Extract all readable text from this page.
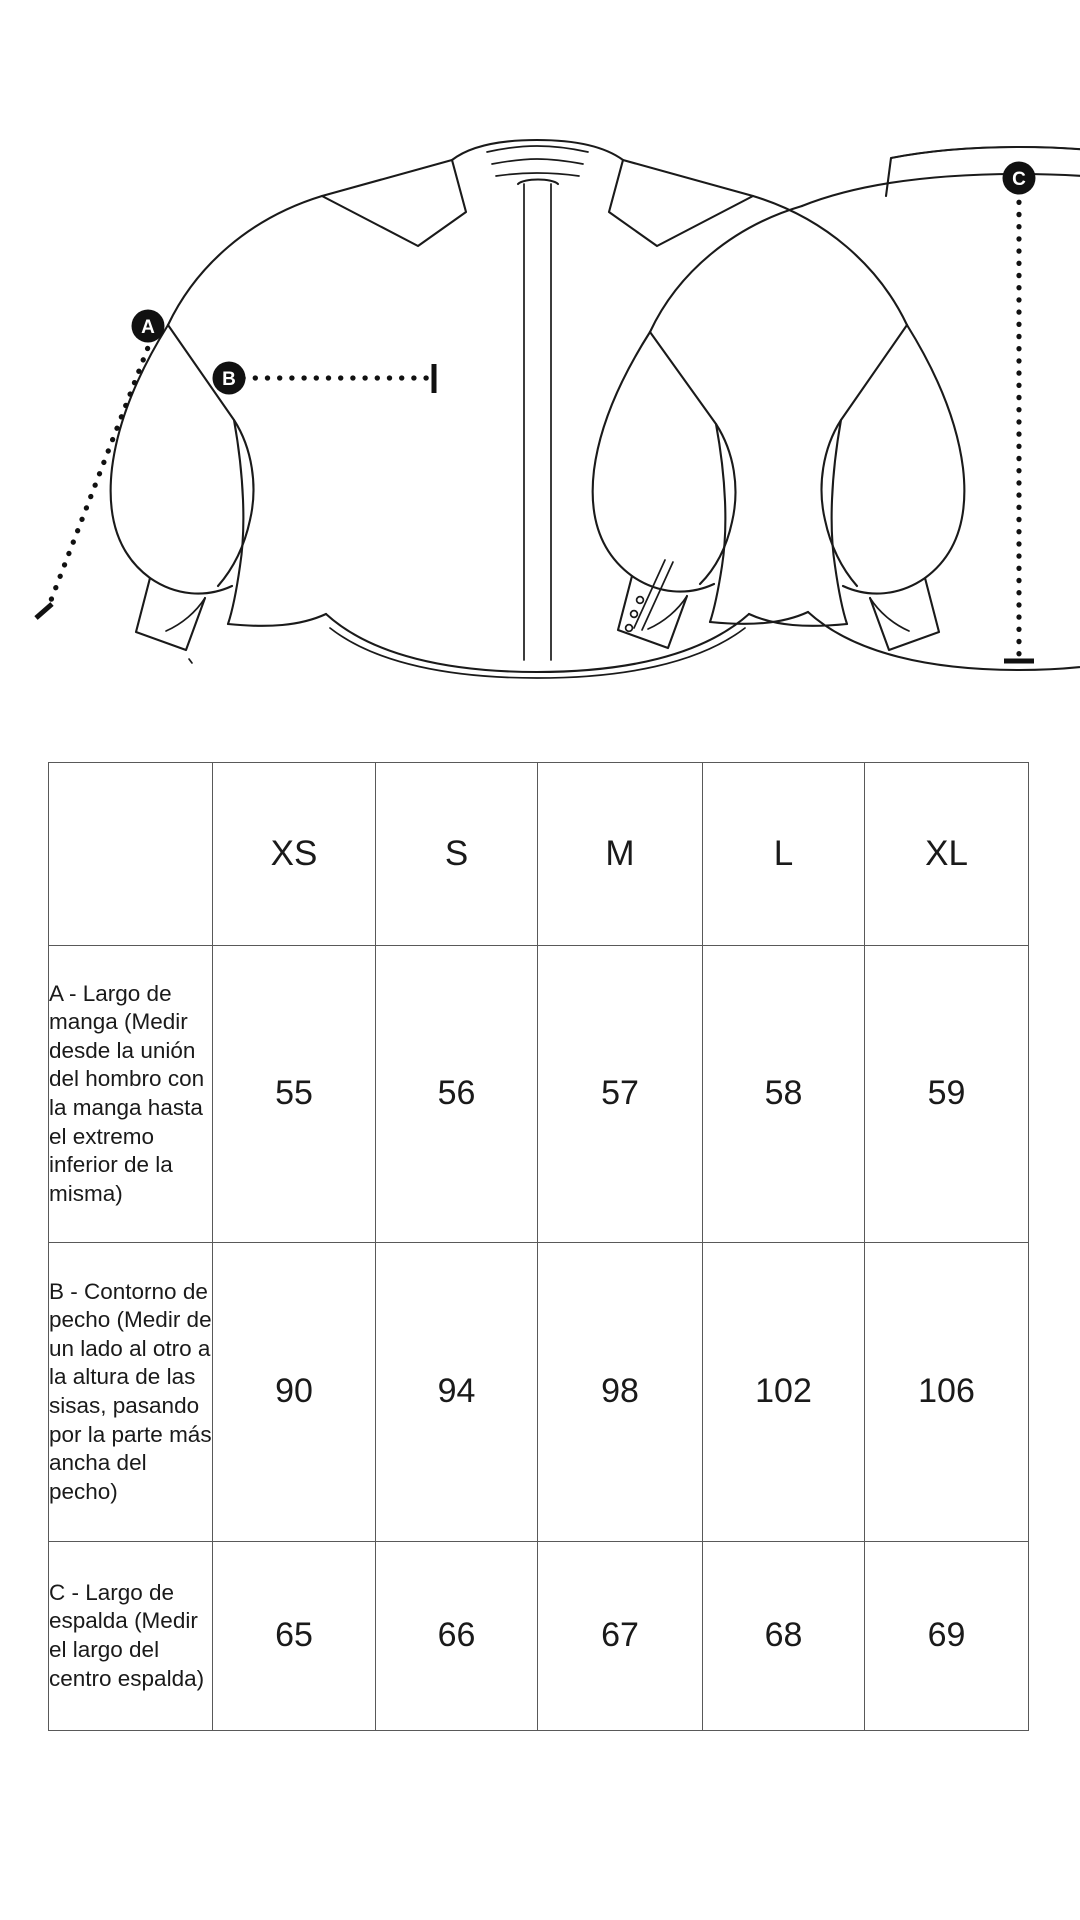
A
B
C
	XS	S	M	L	XL
A - Largo de manga (Medir desde la unión del hombro con la manga hasta el extremo inferior de la misma)	55	56	57	58	59
B - Contorno de pecho (Medir de un lado al otro a la altura de las sisas, pasando por la parte más ancha del pecho)	90	94	98	102	106
C - Largo de espalda (Medir el largo del centro espalda)	65	66	67	68	69
